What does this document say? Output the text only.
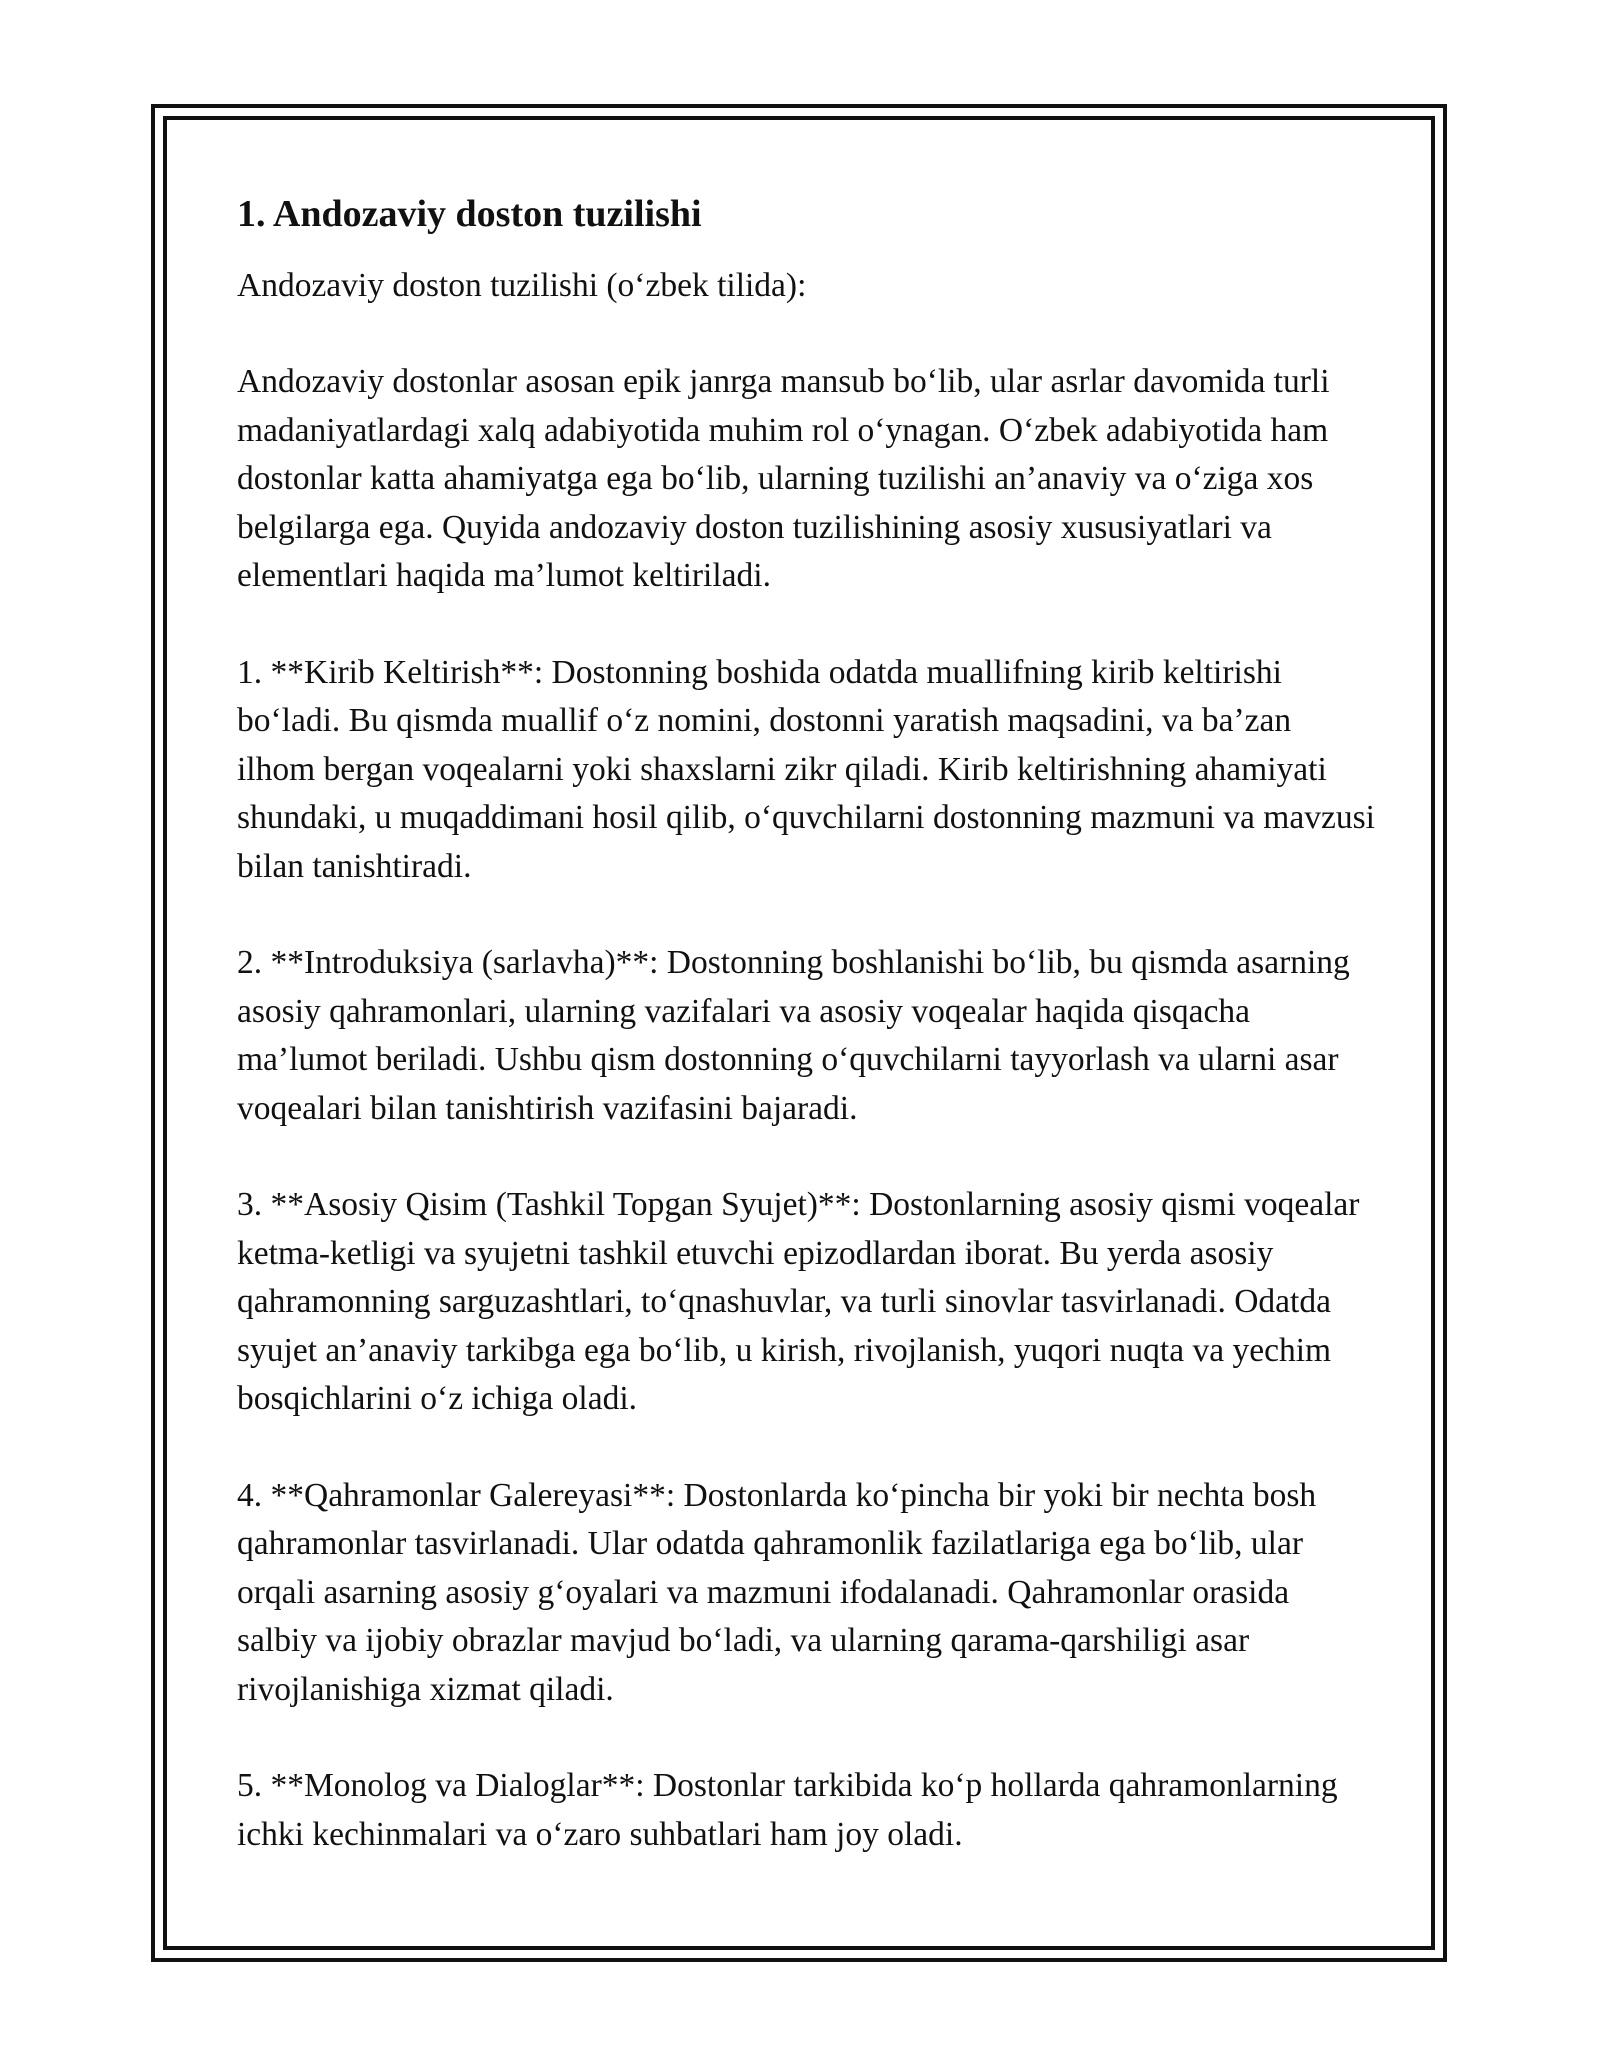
1. Andozaviy doston tuzilishi

Andozaviy doston tuzilishi (o‘zbek tilida):

Andozaviy dostonlar asosan epik janrga mansub bo‘lib, ular asrlar davomida turli madaniyatlardagi xalq adabiyotida muhim rol o‘ynagan. O‘zbek adabiyotida ham dostonlar katta ahamiyatga ega bo‘lib, ularning tuzilishi an’anaviy va o‘ziga xos belgilarga ega. Quyida andozaviy doston tuzilishining asosiy xususiyatlari va elementlari haqida ma’lumot keltiriladi.

1. **Kirib Keltirish**: Dostonning boshida odatda muallifning kirib keltirishi bo‘ladi. Bu qismda muallif o‘z nomini, dostonni yaratish maqsadini, va ba’zan ilhom bergan voqealarni yoki shaxslarni zikr qiladi. Kirib keltirishning ahamiyati shundaki, u muqaddimani hosil qilib, o‘quvchilarni dostonning mazmuni va mavzusi bilan tanishtiradi.

2. **Introduksiya (sarlavha)**: Dostonning boshlanishi bo‘lib, bu qismda asarning asosiy qahramonlari, ularning vazifalari va asosiy voqealar haqida qisqacha ma’lumot beriladi. Ushbu qism dostonning o‘quvchilarni tayyorlash va ularni asar voqealari bilan tanishtirish vazifasini bajaradi.

3. **Asosiy Qisim (Tashkil Topgan Syujet)**: Dostonlarning asosiy qismi voqealar ketma-ketligi va syujetni tashkil etuvchi epizodlardan iborat. Bu yerda asosiy qahramonning sarguzashtlari, to‘qnashuvlar, va turli sinovlar tasvirlanadi. Odatda syujet an’anaviy tarkibga ega bo‘lib, u kirish, rivojlanish, yuqori nuqta va yechim bosqichlarini o‘z ichiga oladi.

4. **Qahramonlar Galereyasi**: Dostonlarda ko‘pincha bir yoki bir nechta bosh qahramonlar tasvirlanadi. Ular odatda qahramonlik fazilatlariga ega bo‘lib, ular orqali asarning asosiy g‘oyalari va mazmuni ifodalanadi. Qahramonlar orasida salbiy va ijobiy obrazlar mavjud bo‘ladi, va ularning qarama-qarshiligi asar rivojlanishiga xizmat qiladi.

5. **Monolog va Dialoglar**: Dostonlar tarkibida ko‘p hollarda qahramonlarning ichki kechinmalari va o‘zaro suhbatlari ham joy oladi.
